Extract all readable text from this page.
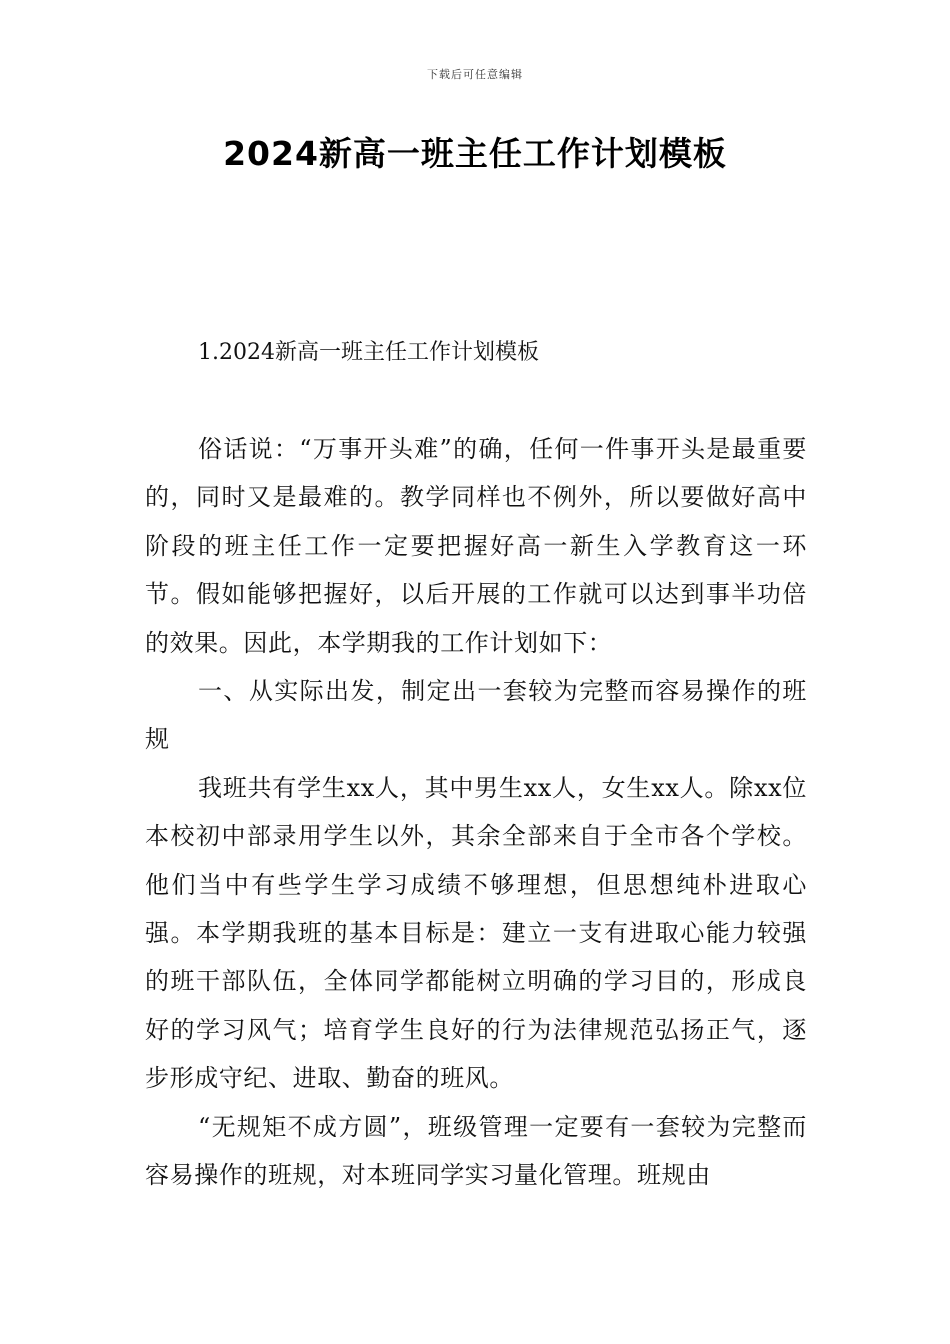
下载后可任意编辑
2024新高一班主任工作计划模板
1.2024新高一班主任工作计划模板

俗话说：“万事开头难”的确，任何一件事开头是最重要的，同时又是最难的。教学同样也不例外，所以要做好高中阶段的班主任工作一定要把握好高一新生入学教育这一环节。假如能够把握好，以后开展的工作就可以达到事半功倍的效果。因此，本学期我的工作计划如下：

一、从实际出发，制定出一套较为完整而容易操作的班规

我班共有学生xx人，其中男生xx人，女生xx人。除xx位本校初中部录用学生以外，其余全部来自于全市各个学校。他们当中有些学生学习成绩不够理想，但思想纯朴进取心强。本学期我班的基本目标是：建立一支有进取心能力较强的班干部队伍，全体同学都能树立明确的学习目的，形成良好的学习风气；培育学生良好的行为法律规范弘扬正气，逐步形成守纪、进取、勤奋的班风。

“无规矩不成方圆”，班级管理一定要有一套较为完整而容易操作的班规，对本班同学实习量化管理。班规由
